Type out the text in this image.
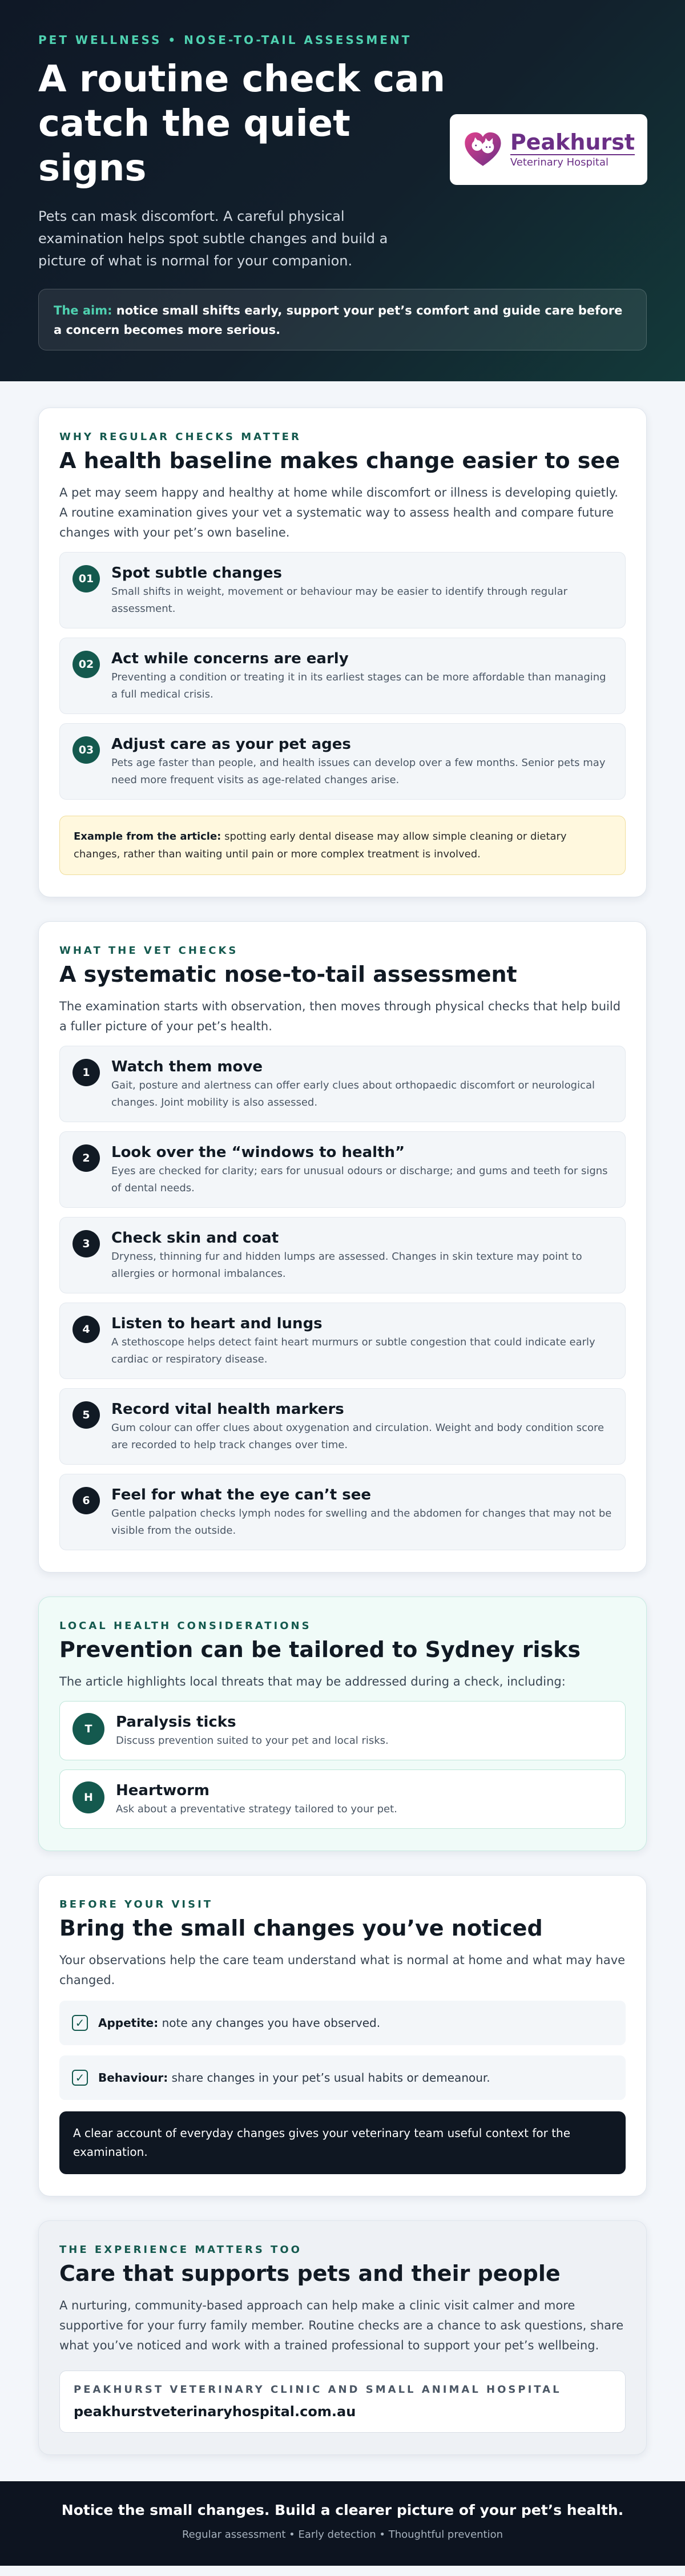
PET WELLNESS • NOSE-TO-TAIL ASSESSMENT
A routine check can catch the quiet signs

Pets can mask discomfort. A careful physical examination helps spot subtle changes and build a picture of what is normal for your companion.

Peakhurst
Veterinary Hospital
The aim: notice small shifts early, support your pet’s comfort and guide care before a concern becomes more serious.
WHY REGULAR CHECKS MATTER
A health baseline makes change easier to see

A pet may seem happy and healthy at home while discomfort or illness is developing quietly. A routine examination gives your vet a systematic way to assess health and compare future changes with your pet’s own baseline.

01	Spot subtle changes
Small shifts in weight, movement or behaviour may be easier to identify through regular assessment.
02	Act while concerns are early
Preventing a condition or treating it in its earliest stages can be more affordable than managing a full medical crisis.
03	Adjust care as your pet ages
Pets age faster than people, and health issues can develop over a few months. Senior pets may need more frequent visits as age-related changes arise.
Example from the article: spotting early dental disease may allow simple cleaning or dietary changes, rather than waiting until pain or more complex treatment is involved.
WHAT THE VET CHECKS
A systematic nose-to-tail assessment

The examination starts with observation, then moves through physical checks that help build a fuller picture of your pet’s health.

1	Watch them move
Gait, posture and alertness can offer early clues about orthopaedic discomfort or neurological changes. Joint mobility is also assessed.
2	Look over the “windows to health”
Eyes are checked for clarity; ears for unusual odours or discharge; and gums and teeth for signs of dental needs.
3	Check skin and coat
Dryness, thinning fur and hidden lumps are assessed. Changes in skin texture may point to allergies or hormonal imbalances.
4	Listen to heart and lungs
A stethoscope helps detect faint heart murmurs or subtle congestion that could indicate early cardiac or respiratory disease.
5	Record vital health markers
Gum colour can offer clues about oxygenation and circulation. Weight and body condition score are recorded to help track changes over time.
6	Feel for what the eye can’t see
Gentle palpation checks lymph nodes for swelling and the abdomen for changes that may not be visible from the outside.
LOCAL HEALTH CONSIDERATIONS
Prevention can be tailored to Sydney risks

The article highlights local threats that may be addressed during a check, including:

T	Paralysis ticks
Discuss prevention suited to your pet and local risks.
H	Heartworm
Ask about a preventative strategy tailored to your pet.
BEFORE YOUR VISIT
Bring the small changes you’ve noticed

Your observations help the care team understand what is normal at home and what may have changed.

✓ Appetite: note any changes you have observed.
✓ Behaviour: share changes in your pet’s usual habits or demeanour.
A clear account of everyday changes gives your veterinary team useful context for the examination.
THE EXPERIENCE MATTERS TOO
Care that supports pets and their people

A nurturing, community-based approach can help make a clinic visit calmer and more supportive for your furry family member. Routine checks are a chance to ask questions, share what you’ve noticed and work with a trained professional to support your pet’s wellbeing.

PEAKHURST VETERINARY CLINIC AND SMALL ANIMAL HOSPITAL
peakhurstveterinaryhospital.com.au
Notice the small changes. Build a clearer picture of your pet’s health.
Regular assessment • Early detection • Thoughtful prevention
